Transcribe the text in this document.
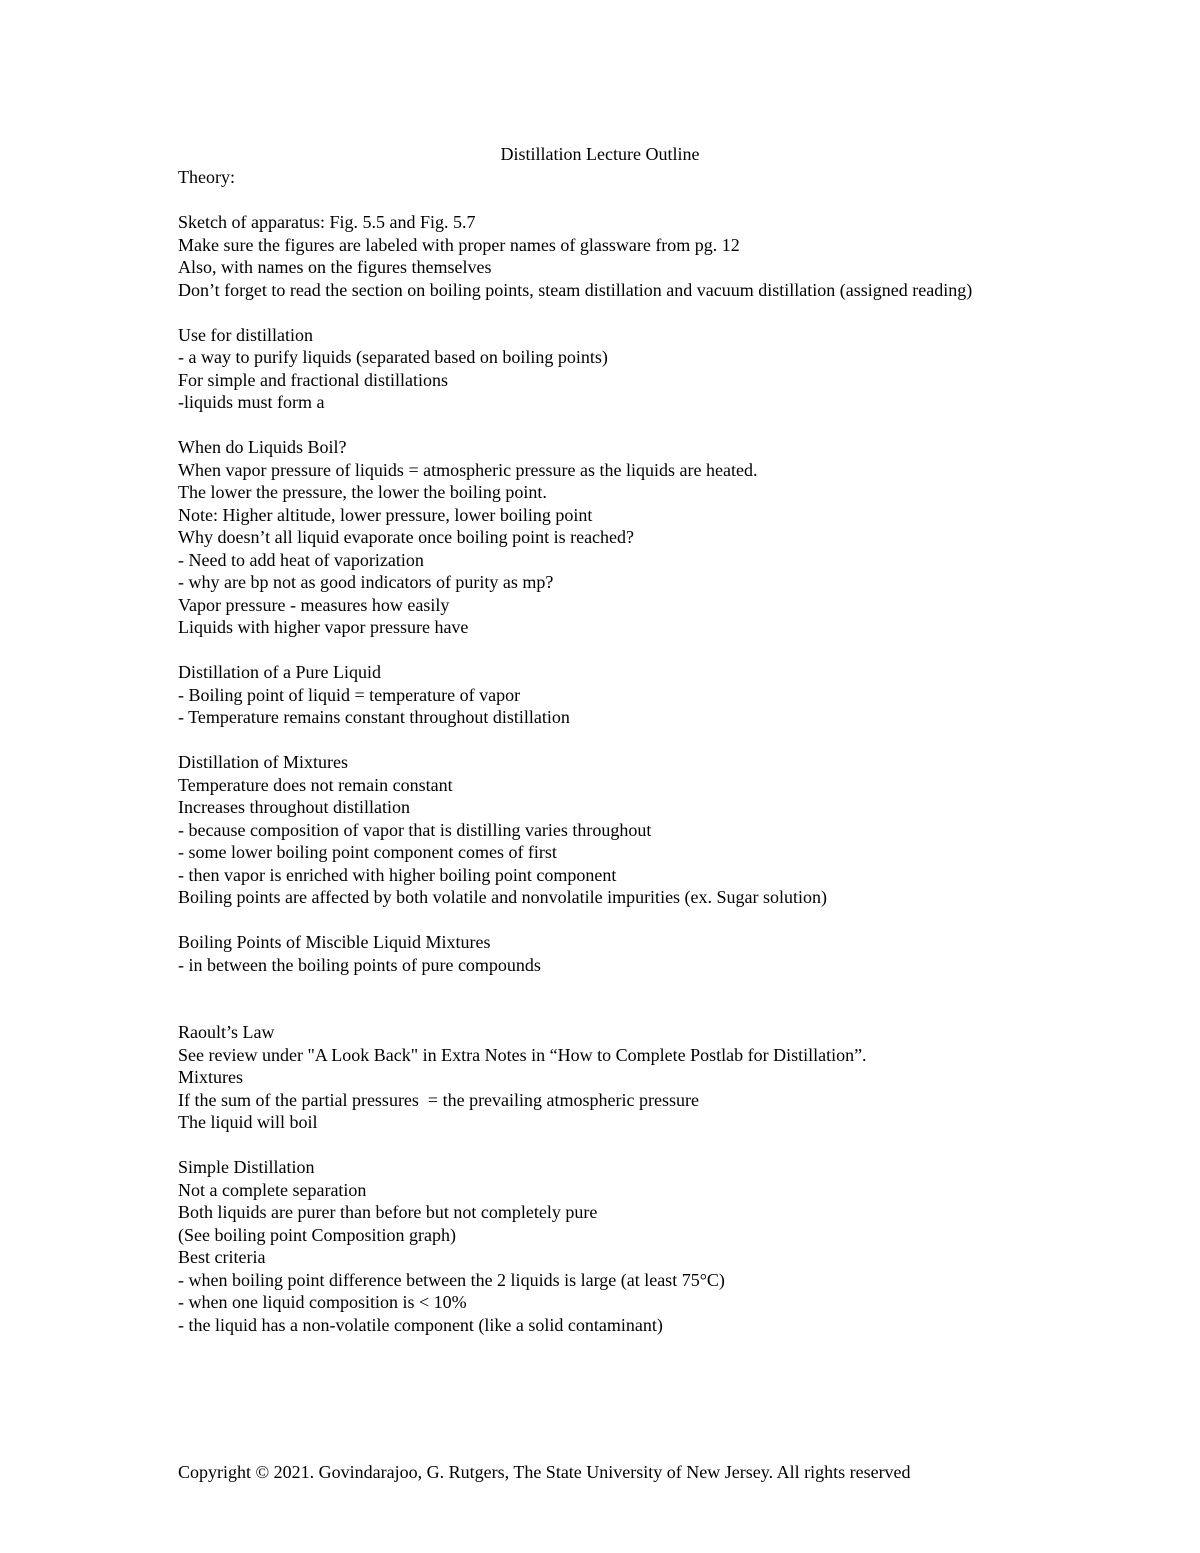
Distillation Lecture Outline
Theory:
Sketch of apparatus: Fig. 5.5 and Fig. 5.7
Make sure the figures are labeled with proper names of glassware from pg. 12
Also, with names on the figures themselves
Don’t forget to read the section on boiling points, steam distillation and vacuum distillation (assigned reading)
Use for distillation
- a way to purify liquids (separated based on boiling points)
For simple and fractional distillations
-liquids must form a
When do Liquids Boil?
When vapor pressure of liquids = atmospheric pressure as the liquids are heated.
The lower the pressure, the lower the boiling point.
Note: Higher altitude, lower pressure, lower boiling point
Why doesn’t all liquid evaporate once boiling point is reached?
- Need to add heat of vaporization
- why are bp not as good indicators of purity as mp?
Vapor pressure - measures how easily
Liquids with higher vapor pressure have
Distillation of a Pure Liquid
- Boiling point of liquid = temperature of vapor
- Temperature remains constant throughout distillation
Distillation of Mixtures
Temperature does not remain constant
Increases throughout distillation
- because composition of vapor that is distilling varies throughout
- some lower boiling point component comes of first
- then vapor is enriched with higher boiling point component
Boiling points are affected by both volatile and nonvolatile impurities (ex. Sugar solution)
Boiling Points of Miscible Liquid Mixtures
- in between the boiling points of pure compounds
Raoult’s Law
See review under "A Look Back" in Extra Notes in “How to Complete Postlab for Distillation”.
Mixtures
If the sum of the partial pressures  = the prevailing atmospheric pressure
The liquid will boil
Simple Distillation
Not a complete separation
Both liquids are purer than before but not completely pure
(See boiling point Composition graph)
Best criteria
- when boiling point difference between the 2 liquids is large (at least 75°C)
- when one liquid composition is < 10%
- the liquid has a non-volatile component (like a solid contaminant)
Copyright © 2021. Govindarajoo, G. Rutgers, The State University of New Jersey. All rights reserved
